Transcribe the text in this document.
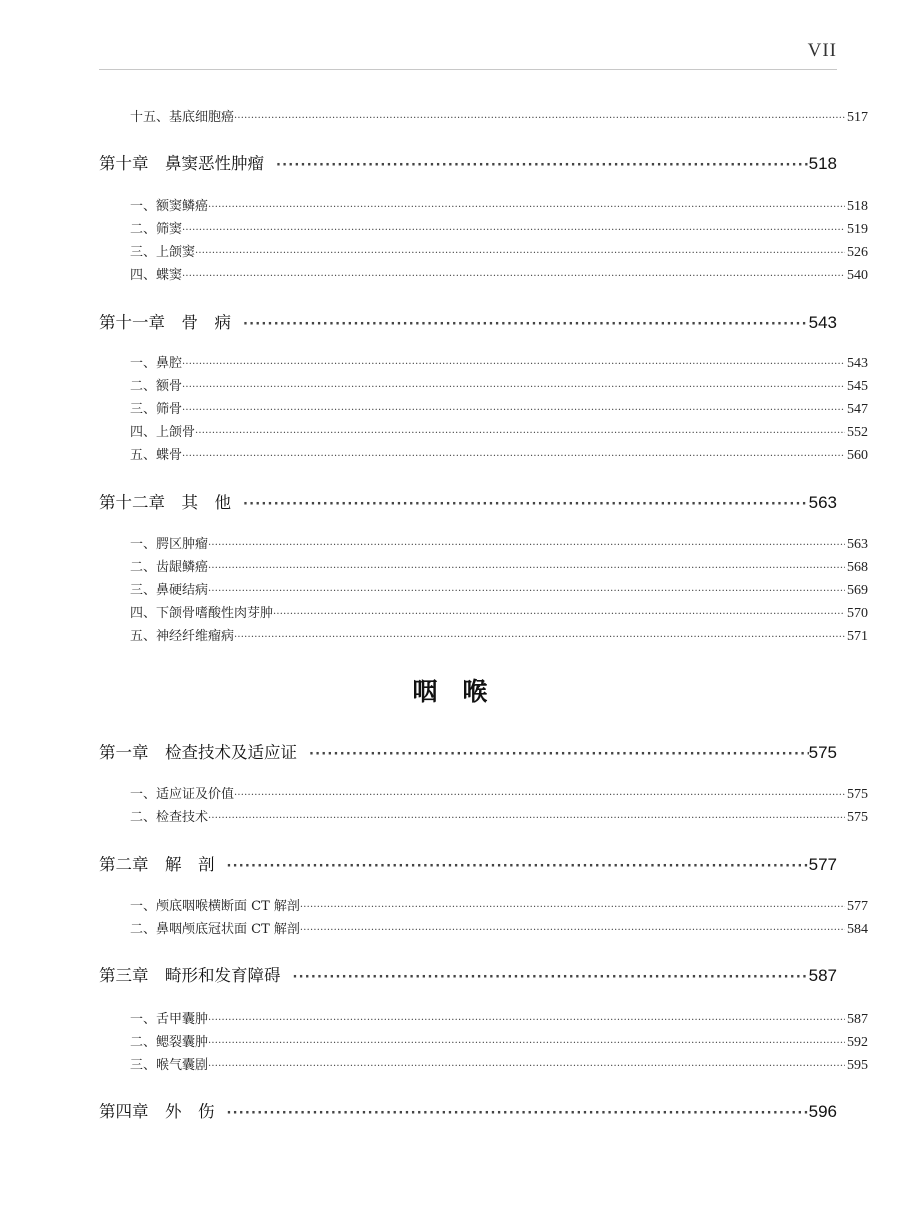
VII
十五、基底细胞癌 ·····	517
第十章　鼻窦恶性肿瘤 ·····	518
一、额窦鳞癌 ·····	518
二、筛窦 ·····	519
三、上颌窦 ·····	526
四、蝶窦 ·····	540
第十一章　骨　病 ·····	543
一、鼻腔 ·····	543
二、额骨 ·····	545
三、筛骨 ·····	547
四、上颌骨 ·····	552
五、蝶骨 ·····	560
第十二章　其　他 ·····	563
一、腭区肿瘤 ·····	563
二、齿龈鳞癌 ·····	568
三、鼻硬结病 ·····	569
四、下颌骨嗜酸性肉芽肿 ·····	570
五、神经纤维瘤病 ·····	571
第一章　检查技术及适应证 ·····	575
一、适应证及价值 ·····	575
二、检查技术 ·····	575
第二章　解　剖 ·····	577
一、颅底咽喉横断面 CT 解剖 ·····	577
二、鼻咽颅底冠状面 CT 解剖 ·····	584
第三章　畸形和发育障碍 ·····	587
一、舌甲囊肿 ·····	587
二、鳃裂囊肿 ·····	592
三、喉气囊剧 ·····	595
第四章　外　伤 ·····	596
咽　喉
